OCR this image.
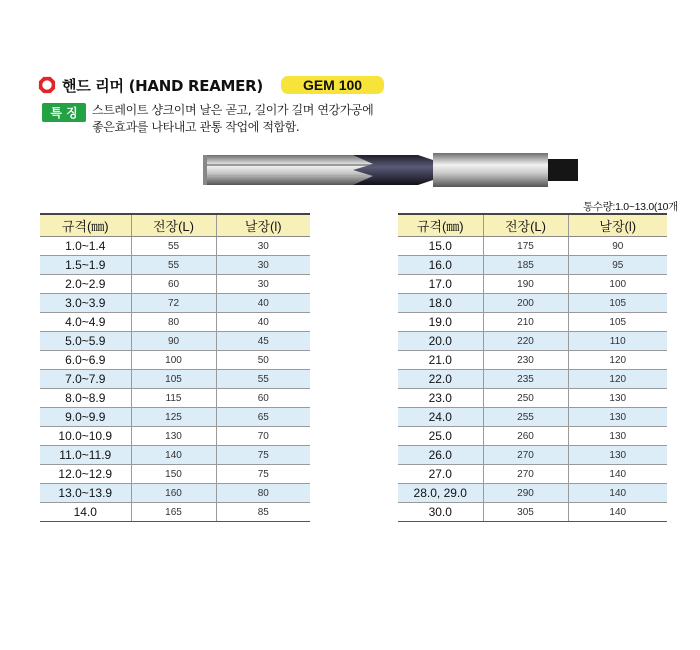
핸드 리머 (HAND REAMER)	GEM 100
특 징	스트레이트 샹크이며 날은 곧고, 길이가 길며 연강가공에
좋은효과를 나타내고 관통 작업에 적합함.
통수량:1.0~13.0(10개
규격(㎜)	전장(L)	날장(l)
1.0~1.4	55	30
1.5~1.9	55	30
2.0~2.9	60	30
3.0~3.9	72	40
4.0~4.9	80	40
5.0~5.9	90	45
6.0~6.9	100	50
7.0~7.9	105	55
8.0~8.9	115	60
9.0~9.9	125	65
10.0~10.9	130	70
11.0~11.9	140	75
12.0~12.9	150	75
13.0~13.9	160	80
14.0	165	85
규격(㎜)	전장(L)	날장(l)
15.0	175	90
16.0	185	95
17.0	190	100
18.0	200	105
19.0	210	105
20.0	220	110
21.0	230	120
22.0	235	120
23.0	250	130
24.0	255	130
25.0	260	130
26.0	270	130
27.0	270	140
28.0, 29.0	290	140
30.0	305	140
